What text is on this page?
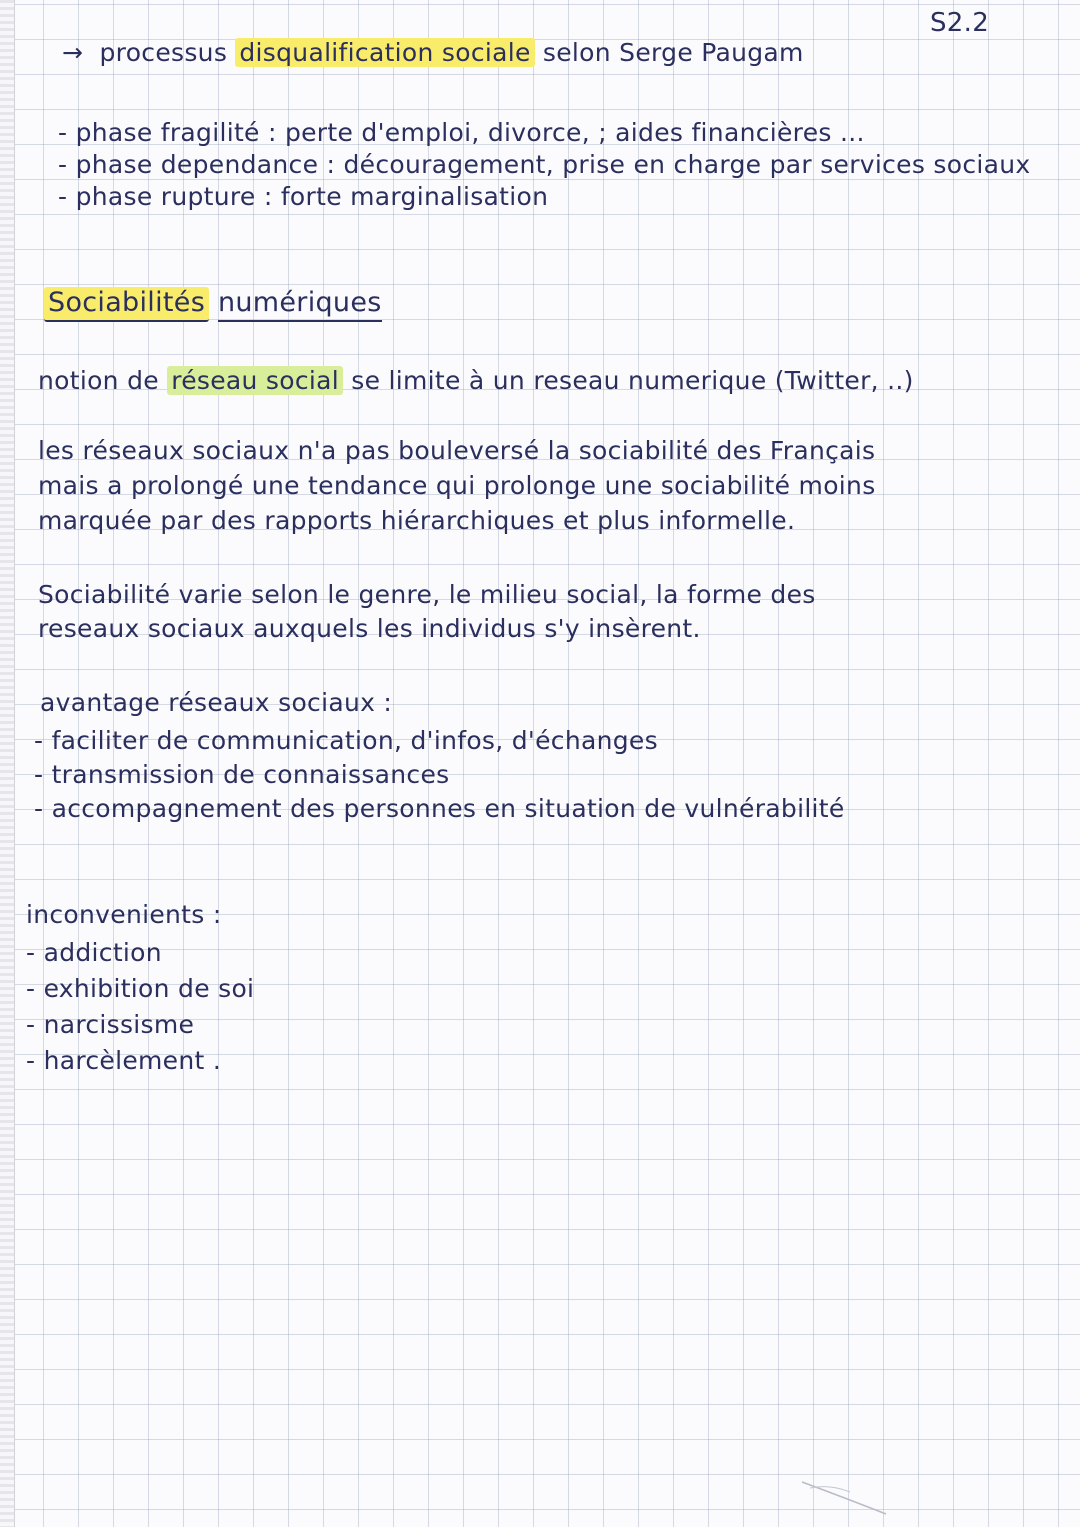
S2.2
→ processus disqualification sociale selon Serge Paugam
- phase fragilité : perte d'emploi, divorce, ; aides financières ...
- phase dependance : découragement, prise en charge par services sociaux
- phase rupture : forte marginalisation
Sociabilités numériques
notion de réseau social se limite à un reseau numerique (Twitter, ..)
les réseaux sociaux n'a pas bouleversé la sociabilité des Français
mais a prolongé une tendance qui prolonge une sociabilité moins
marquée par des rapports hiérarchiques et plus informelle.
Sociabilité varie selon le genre, le milieu social, la forme des
reseaux sociaux auxquels les individus s'y insèrent.
avantage réseaux sociaux :
- faciliter de communication, d'infos, d'échanges
- transmission de connaissances
- accompagnement des personnes en situation de vulnérabilité
inconvenients :
- addiction
- exhibition de soi
- narcissisme
- harcèlement .
